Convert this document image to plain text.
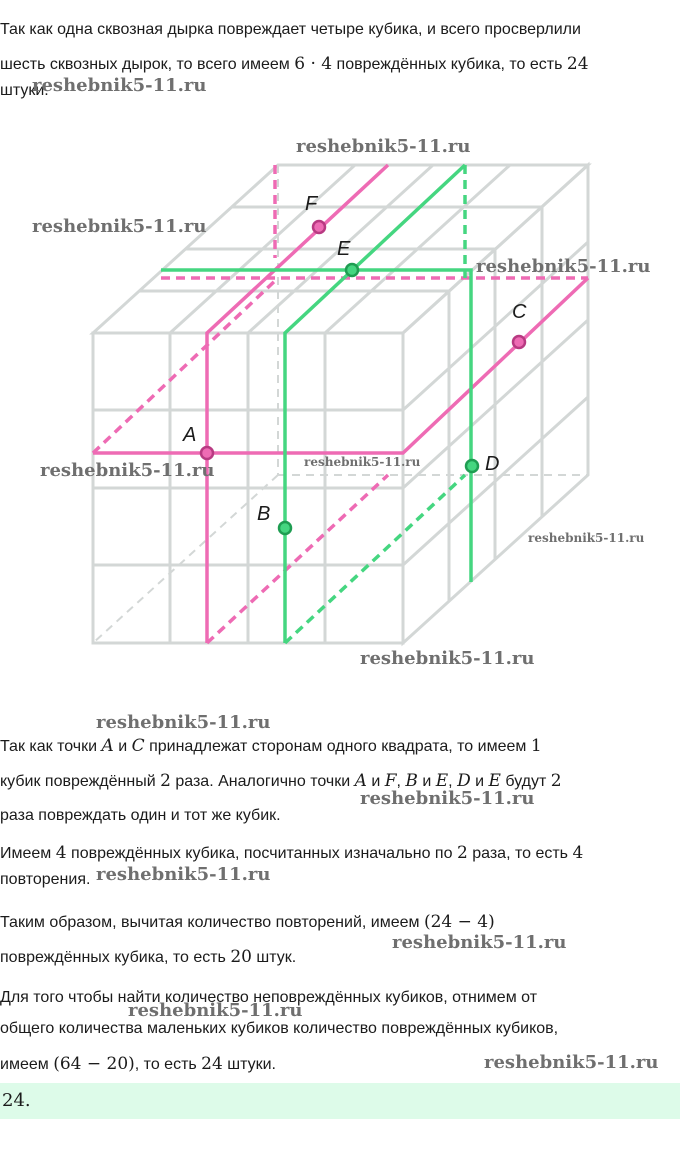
Так как одна сквозная дырка повреждает четыре кубика, и всего просверлили
шесть сквозных дырок, то всего имеем 6 · 4 повреждённых кубика, то есть 24
штуки.
A
B
C
D
E
F
Так как точки A и C принадлежат сторонам одного квадрата, то имеем 1
кубик повреждённый 2 раза. Аналогично точки A и F, B и E, D и E будут 2
раза повреждать один и тот же кубик.
Имеем 4 повреждённых кубика, посчитанных изначально по 2 раза, то есть 4
повторения.
Таким образом, вычитая количество повторений, имеем (24 − 4)
повреждённых кубика, то есть 20 штук.
Для того чтобы найти количество неповреждённых кубиков, отнимем от
общего количества маленьких кубиков количество повреждённых кубиков,
имеем (64 − 20), то есть 24 штуки.
24.
reshebnik5-11.ru
reshebnik5-11.ru
reshebnik5-11.ru
reshebnik5-11.ru
reshebnik5-11.ru	reshebnik5-11.ru
reshebnik5-11.ru
reshebnik5-11.ru
reshebnik5-11.ru
reshebnik5-11.ru
reshebnik5-11.ru
reshebnik5-11.ru
reshebnik5-11.ru
reshebnik5-11.ru
